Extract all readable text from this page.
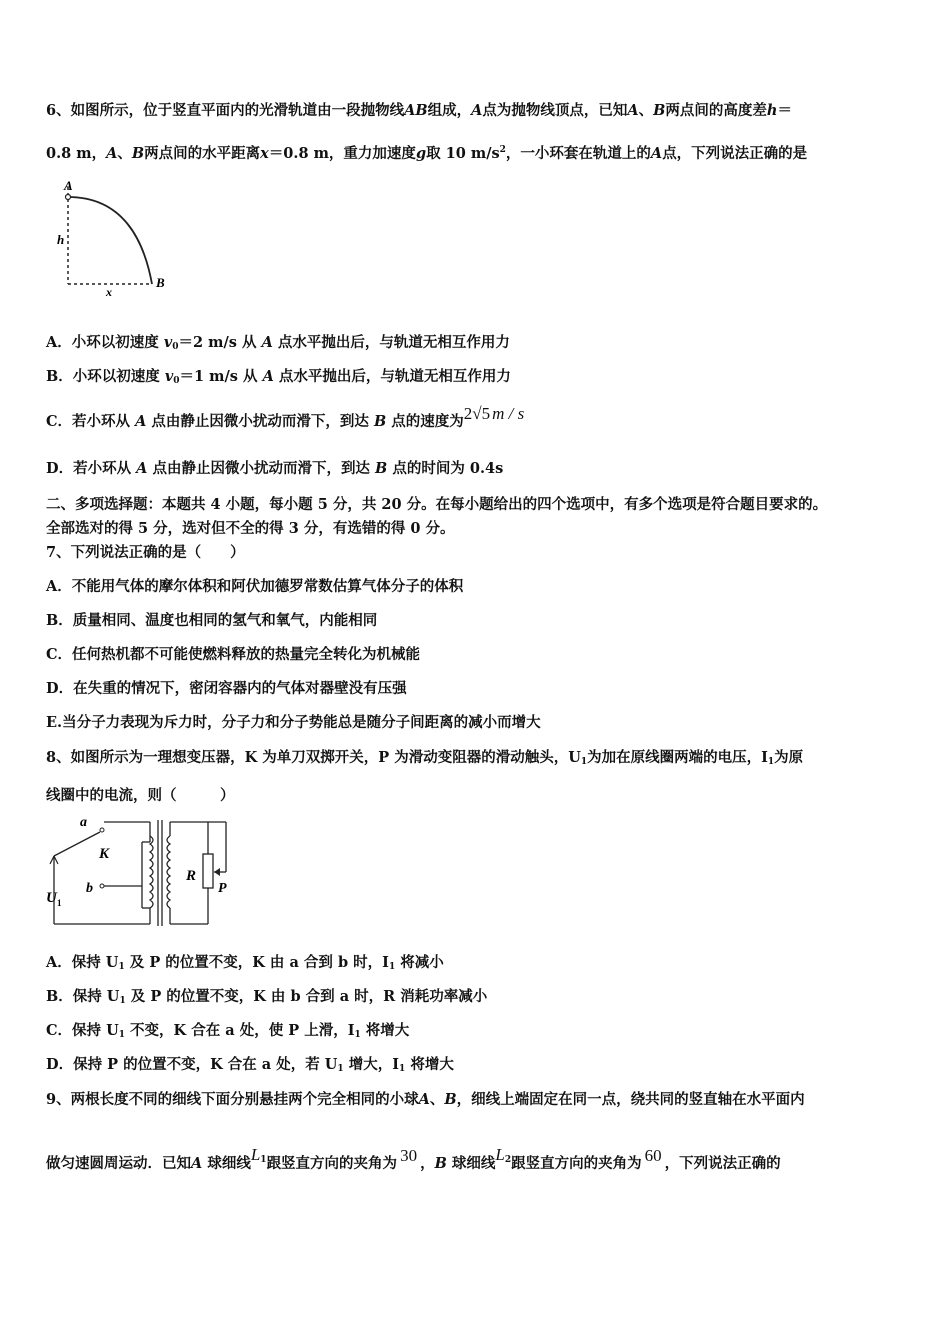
6、如图所示，位于竖直平面内的光滑轨道由一段抛物线AB组成，A点为抛物线顶点，已知A、B两点间的高度差h＝
0.8 m，A、B两点间的水平距离x＝0.8 m，重力加速度g取 10 $m/s^2$，一小环套在轨道上的A点，下列说法正确的是
A
h
B
x
A．小环以初速度 $v_0=2$ m/s 从 A 点水平抛出后，与轨道无相互作用力
B．小环以初速度 $v_0=1$ m/s 从 A 点水平抛出后，与轨道无相互作用力
C．若小环从 A 点由静止因微小扰动而滑下，到达 B 点的速度为2√5 m / s
D．若小环从 A 点由静止因微小扰动而滑下，到达 B 点的时间为 0.4s
二、多项选择题：本题共 4 小题，每小题 5 分，共 20 分。在每小题给出的四个选项中，有多个选项是符合题目要求的。
全部选对的得 5 分，选对但不全的得 3 分，有选错的得 0 分。
7、下列说法正确的是（　　）
A．不能用气体的摩尔体积和阿伏加德罗常数估算气体分子的体积
B．质量相同、温度也相同的氢气和氧气，内能相同
C．任何热机都不可能使燃料释放的热量完全转化为机械能
D．在失重的情况下，密闭容器内的气体对器壁没有压强
E.当分子力表现为斥力时，分子力和分子势能总是随分子间距离的减小而增大
8、如图所示为一理想变压器，K 为单刀双掷开关，P 为滑动变阻器的滑动触头，$U_1$为加在原线圈两端的电压，$I_1$为原
线圈中的电流，则（　　　）
a
K
b
U 1
R
P
A．保持 $U_1$ 及 P 的位置不变，K 由 a 合到 b 时，$I_1$ 将减小
B．保持 $U_1$ 及 P 的位置不变，K 由 b 合到 a 时，R 消耗功率减小
C．保持 $U_1$ 不变，K 合在 a 处，使 P 上滑，$I_1$ 将增大
D．保持 P 的位置不变，K 合在 a 处，若 $U_1$ 增大，$I_1$ 将增大
9、两根长度不同的细线下面分别悬挂两个完全相同的小球A、B，细线上端固定在同一点，绕共同的竖直轴在水平面内
做匀速圆周运动．已知A 球细线$L^1$跟竖直方向的夹角为 30 ，B 球细线$L^2$跟竖直方向的夹角为 60 ，下列说法正确的
